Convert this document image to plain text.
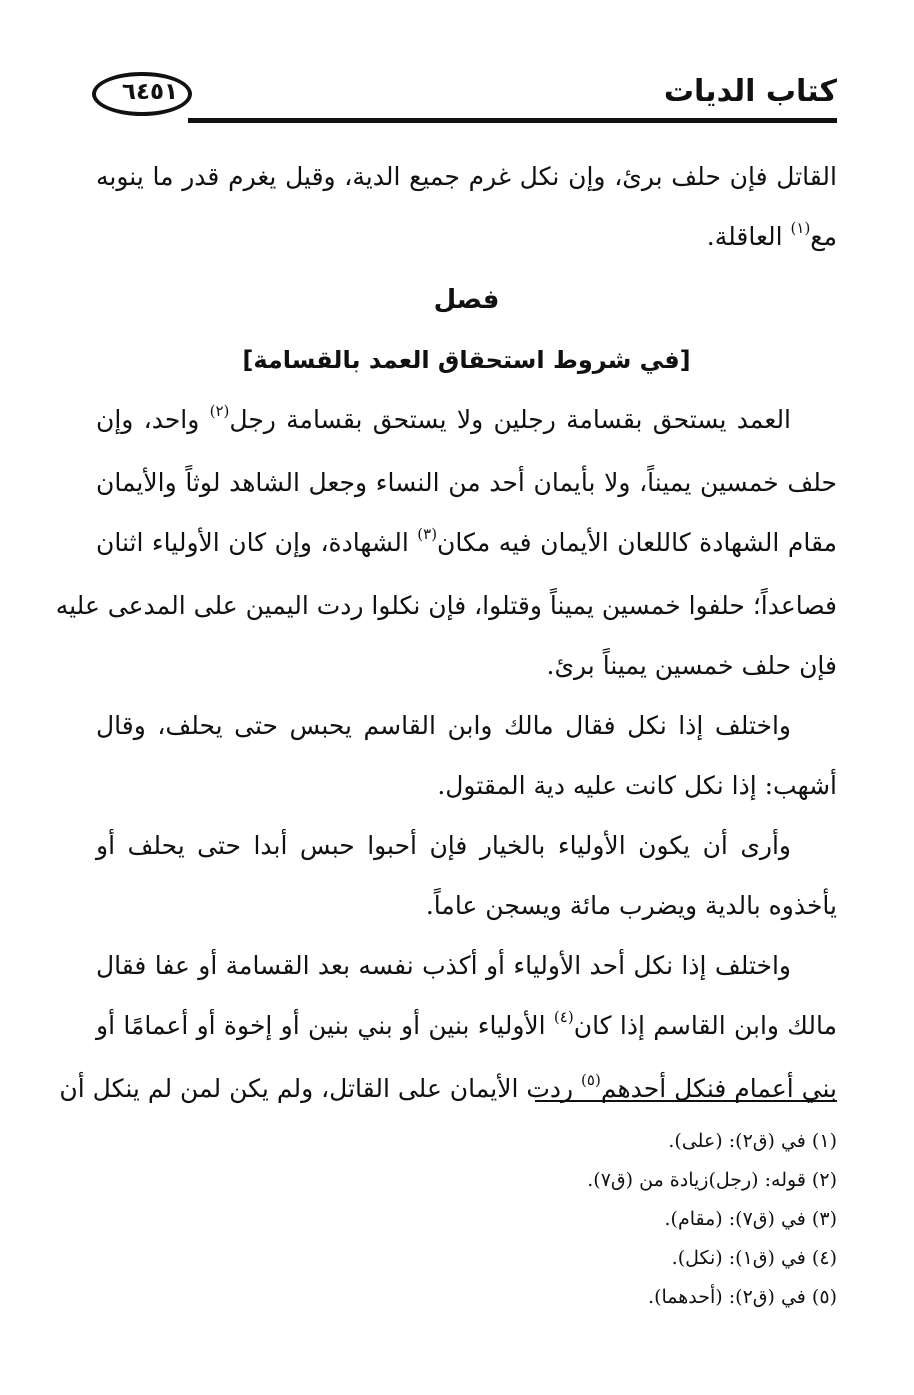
٦٤٥١	كتاب الديات

القاتل فإن حلف برئ، وإن نكل غرم جميع الدية، وقيل يغرم قدر ما ينوبه
مع$^{(١)}$ العاقلة.

فصل
[في شروط استحقاق العمد بالقسامة]

العمد يستحق بقسامة رجلين ولا يستحق بقسامة رجل$^{(٢)}$ واحد، وإن
حلف خمسين يميناً، ولا بأيمان أحد من النساء وجعل الشاهد لوثاً والأيمان
مقام الشهادة كاللعان الأيمان فيه مكان$^{(٣)}$ الشهادة، وإن كان الأولياء اثنان
فصاعداً؛ حلفوا خمسين يميناً وقتلوا، فإن نكلوا ردت اليمين على المدعى عليه
فإن حلف خمسين يميناً برئ.

واختلف إذا نكل فقال مالك وابن القاسم يحبس حتى يحلف، وقال
أشهب: إذا نكل كانت عليه دية المقتول.

وأرى أن يكون الأولياء بالخيار فإن أحبوا حبس أبدا حتى يحلف أو
يأخذوه بالدية ويضرب مائة ويسجن عاماً.

واختلف إذا نكل أحد الأولياء أو أكذب نفسه بعد القسامة أو عفا فقال
مالك وابن القاسم إذا كان$^{(٤)}$ الأولياء بنين أو بني بنين أو إخوة أو أعمامًا أو
بني أعمام فنكل أحدهم$^{(٥)}$ ردت الأيمان على القاتل، ولم يكن لمن لم ينكل أن

(١) في (ق٢): (على).
(٢) قوله: (رجل)زيادة من (ق٧).
(٣) في (ق٧): (مقام).
(٤) في (ق١): (نكل).
(٥) في (ق٢): (أحدهما).
